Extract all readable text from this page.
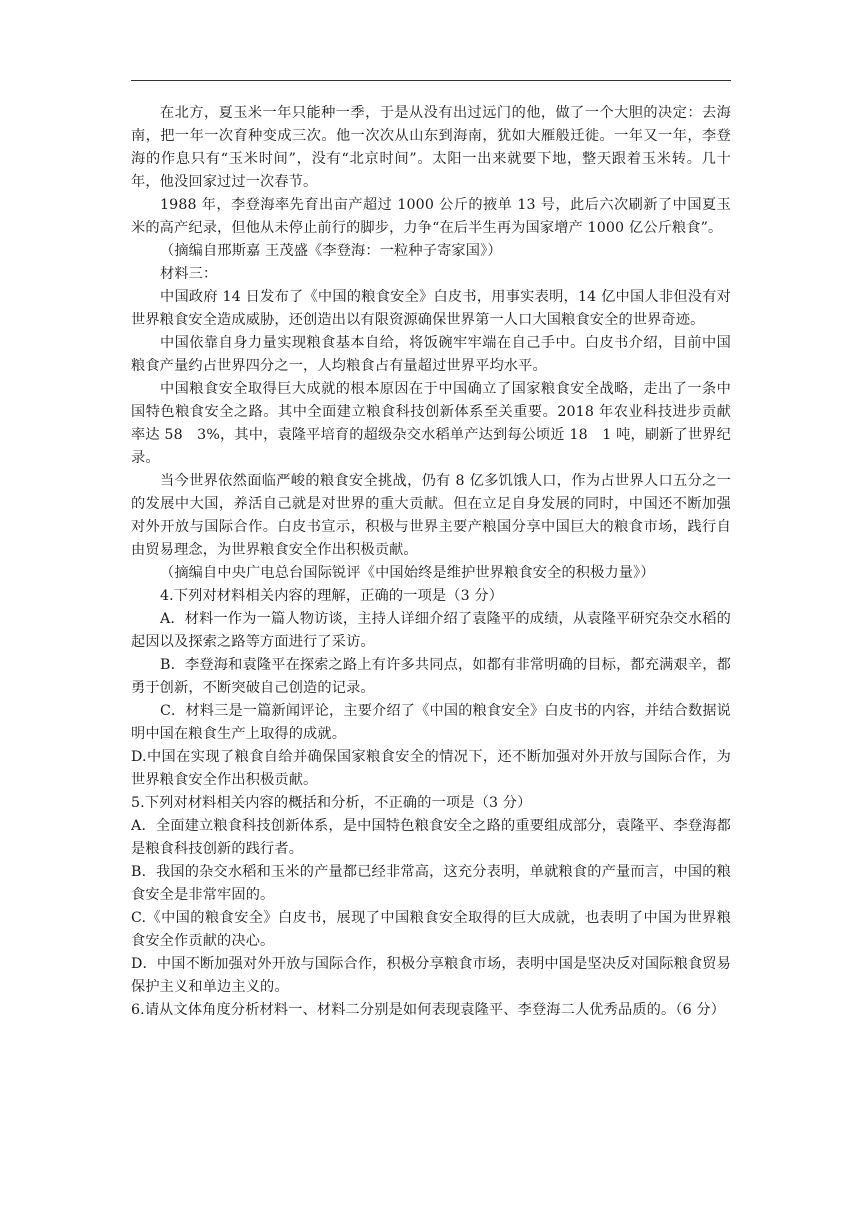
在北方，夏玉米一年只能种一季，于是从没有出过远门的他，做了一个大胆的决定：去海南，把一年一次育种变成三次。他一次次从山东到海南，犹如大雁般迁徙。一年又一年，李登海的作息只有“玉米时间”，没有“北京时间”。太阳一出来就要下地，整天跟着玉米转。几十年，他没回家过过一次春节。

1988 年，李登海率先育出亩产超过 1000 公斤的掖单 13 号，此后六次刷新了中国夏玉米的高产纪录，但他从未停止前行的脚步，力争“在后半生再为国家增产 1000 亿公斤粮食”。

（摘编自邢斯嘉 王茂盛《李登海：一粒种子寄家国》）

材料三：

中国政府 14 日发布了《中国的粮食安全》白皮书，用事实表明，14 亿中国人非但没有对世界粮食安全造成威胁，还创造出以有限资源确保世界第一人口大国粮食安全的世界奇迹。

中国依靠自身力量实现粮食基本自给，将饭碗牢牢端在自己手中。白皮书介绍，目前中国粮食产量约占世界四分之一，人均粮食占有量超过世界平均水平。

中国粮食安全取得巨大成就的根本原因在于中国确立了国家粮食安全战略，走出了一条中国特色粮食安全之路。其中全面建立粮食科技创新体系至关重要。2018 年农业科技进步贡献率达 58　3%，其中，袁隆平培育的超级杂交水稻单产达到每公顷近 18　1 吨，刷新了世界纪录。

当今世界依然面临严峻的粮食安全挑战，仍有 8 亿多饥饿人口，作为占世界人口五分之一的发展中大国，养活自己就是对世界的重大贡献。但在立足自身发展的同时，中国还不断加强对外开放与国际合作。白皮书宣示，积极与世界主要产粮国分享中国巨大的粮食市场，践行自由贸易理念，为世界粮食安全作出积极贡献。

（摘编自中央广电总台国际锐评《中国始终是维护世界粮食安全的积极力量》）

4.下列对材料相关内容的理解，正确的一项是（3 分）

A．材料一作为一篇人物访谈，主持人详细介绍了袁隆平的成绩，从袁隆平研究杂交水稻的起因以及探索之路等方面进行了采访。

B．李登海和袁隆平在探索之路上有许多共同点，如都有非常明确的目标，都充满艰辛，都勇于创新，不断突破自己创造的记录。

C．材料三是一篇新闻评论，主要介绍了《中国的粮食安全》白皮书的内容，并结合数据说明中国在粮食生产上取得的成就。

D.中国在实现了粮食自给并确保国家粮食安全的情况下，还不断加强对外开放与国际合作，为世界粮食安全作出积极贡献。

5.下列对材料相关内容的概括和分析，不正确的一项是（3 分）

A．全面建立粮食科技创新体系，是中国特色粮食安全之路的重要组成部分，袁隆平、李登海都是粮食科技创新的践行者。

B．我国的杂交水稻和玉米的产量都已经非常高，这充分表明，单就粮食的产量而言，中国的粮食安全是非常牢固的。

C.《中国的粮食安全》白皮书，展现了中国粮食安全取得的巨大成就，也表明了中国为世界粮食安全作贡献的决心。

D．中国不断加强对外开放与国际合作，积极分享粮食市场，表明中国是坚决反对国际粮食贸易保护主义和单边主义的。

6.请从文体角度分析材料一、材料二分别是如何表现袁隆平、李登海二人优秀品质的。（6 分）
